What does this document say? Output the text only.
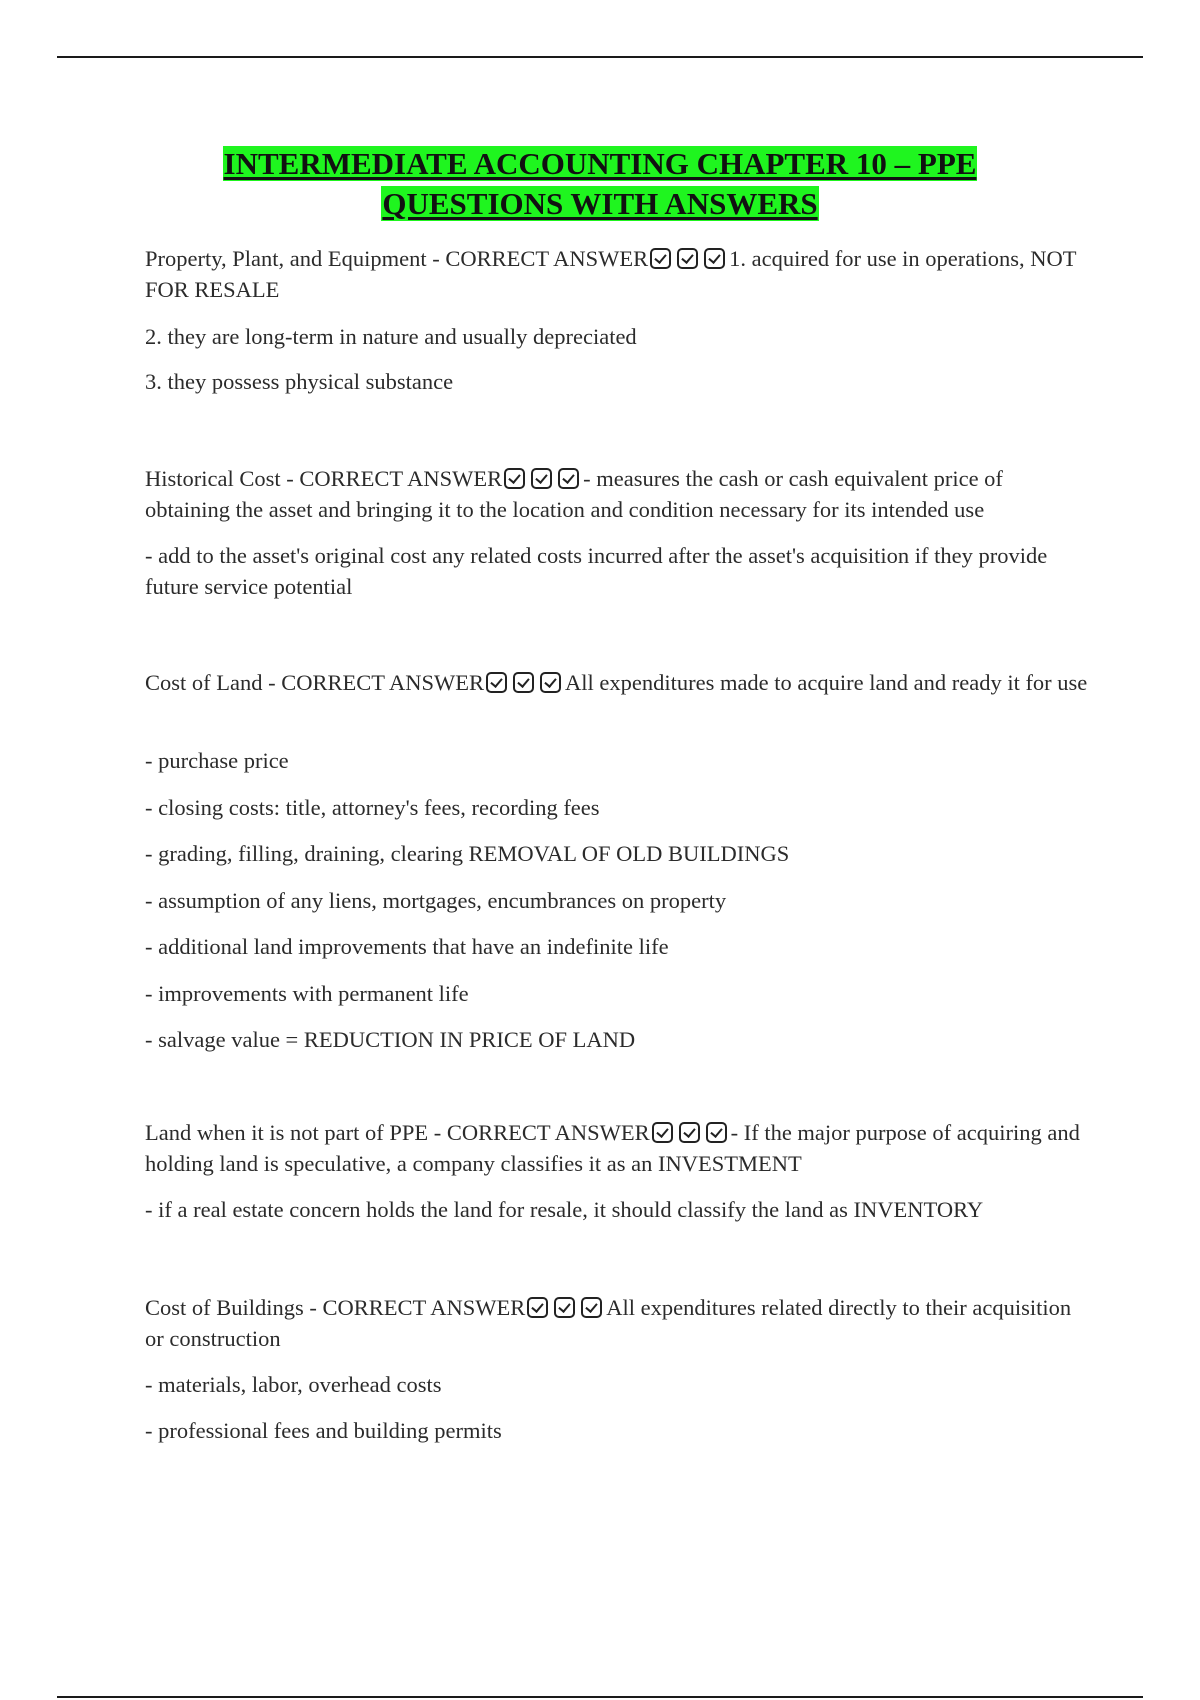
INTERMEDIATE ACCOUNTING CHAPTER 10 – PPE
QUESTIONS WITH ANSWERS

Property, Plant, and Equipment - CORRECT ANSWER	1. acquired for use in operations, NOT FOR RESALE

2. they are long-term in nature and usually depreciated
3. they possess physical substance

Historical Cost - CORRECT ANSWER	- measures the cash or cash equivalent price of obtaining the asset and bringing it to the location and condition necessary for its intended use

- add to the asset's original cost any related costs incurred after the asset's acquisition if they provide future service potential

Cost of Land - CORRECT ANSWER	All expenditures made to acquire land and ready it for use

- purchase price
- closing costs: title, attorney's fees, recording fees
- grading, filling, draining, clearing REMOVAL OF OLD BUILDINGS
- assumption of any liens, mortgages, encumbrances on property
- additional land improvements that have an indefinite life
- improvements with permanent life
- salvage value = REDUCTION IN PRICE OF LAND

Land when it is not part of PPE - CORRECT ANSWER	- If the major purpose of acquiring and holding land is speculative, a company classifies it as an INVESTMENT

- if a real estate concern holds the land for resale, it should classify the land as INVENTORY

Cost of Buildings - CORRECT ANSWER	All expenditures related directly to their acquisition or construction

- materials, labor, overhead costs
- professional fees and building permits
